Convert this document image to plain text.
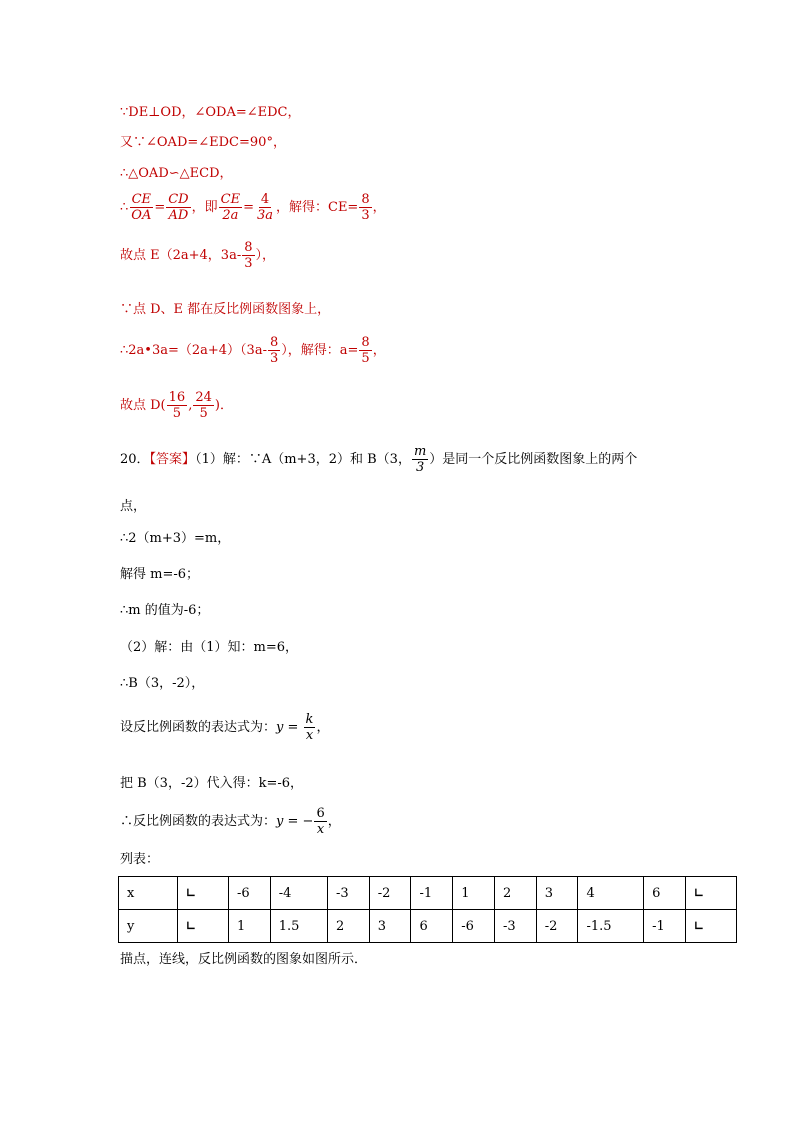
∵DE⊥OD，∠ODA=∠EDC，
又∵∠OAD=∠EDC=90°，
∴△OAD∽△ECD，
∴ $\frac{CE}{OA} = \frac{CD}{AD}$ ，即 $\frac{CE}{2a} = \frac{4}{3a}$ ，解得：$CE= \frac{8}{3}$ ，
故点 E（2a+4，$3a- \frac{8}{3}$ ），
∵点 D、E 都在反比例函数图象上，
∴2a•3a=（2a+4）（3a- $\frac{8}{3}$ ），解得：$a= \frac{8}{5}$ ，
故点 $D( \frac{16}{5}$ , $\frac{24}{5}$ )．
20．【答案】（1）解：∵A（m+3，2）和 B（3， $\frac{m}{3}$ ）是同一个反比例函数图象上的两个
点，
∴2（m+3）=m，
解得 m=-6；
∴m 的值为-6；
（2）解：由（1）知：m=6，
∴B（3，-2），
设反比例函数的表达式为：$y = \frac{k}{x}$ ，
把 B（3，-2）代入得：k=-6，
∴反比例函数的表达式为：y = − $\frac{6}{x}$ ，
列表：
x	∟	-6	-4	-3	-2	-1	1	2	3	4	6	∟
y	∟	1	1.5	2	3	6	-6	-3	-2	-1.5	-1	∟
描点，连线，反比例函数的图象如图所示．
